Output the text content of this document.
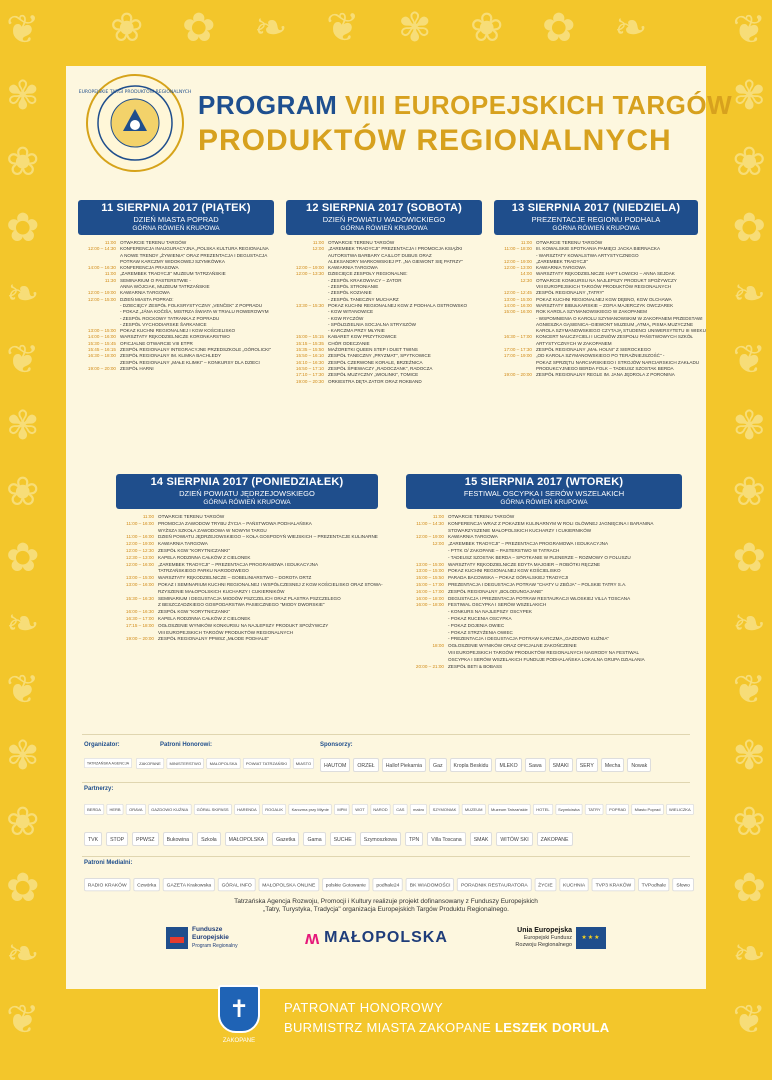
❦	❦
✾	✾
❀	❀
✿	✿
❧	❧
❦	❦
✾	✾
❀	❀
✿	✿
❧	❧
❦	❦
✾	✾
❀	❀
✿	✿
❧	❧
❦	❦
❀ ✿ ❧ ❦ ✾ ❀ ✿ ❧
EUROPEJSKIE TARGI PRODUKTÓW REGIONALNYCH PROGRAM VIII EUROPEJSKICH TARGÓW
PRODUKTÓW REGIONALNYCH
11 SIERPNIA 2017 (PIĄTEK)
DZIEŃ MIASTA POPRAD
GÓRNA RÓWIEŃ KRUPOWA
11:00 OTWARCIE TERENU TARGÓW
12:00 – 14:30 KONFERENCJA INAUGURACYJNA „POLSKA KULTURA REGIONALNA
A NOWE TRENDY „ŻYWIENIA" ORAZ PREZENTACJA I DEGUSTACJA
POTRAW KARCZMY WIDOKOWEJ SZYMKÓWKA
14:00 – 16:30 KONFERENCJA PRASOWA
11:00 „ZAREMBEK TRADYCJI" MUZEUM TATRZAŃSKIE
11:30 SEMINARIUM O PASTERSTWIE -
ANNA WÓJCIAK, MUZEUM TATRZAŃSKIE
12:00 – 19:00 KAWIARNIA TARGOWA
12:00 – 15:00 DZIEŃ MIASTA POPRAD:
- DZIECIĘCY ZESPÓŁ FOLKSRYSTYCZNY „VENČEK" Z POPRADU
- POKAZ „JÁNA KOČIŠA, MISTRZA ŚWIATA W TRIALU ROWEROWYM
- ZESPÓŁ ROCKOWY TATRANKA Z POPRADU
- ZESPÓŁ VYCHODIARSKE ŠARKANICE
13:00 – 15:00 POKAZ KUCHNI REGIONALNEJ I KGW KOŚCIELISKO
14:00 – 16:00 WARSZTATY RĘKODZIELNICZE KORONKARSTWO
15:30 – 15:45 OFICJALNE OTWARCIE VIII ETPR
15:45 – 16:15 ZESPÓŁ REGIONALNY INTEGRACYJNE PRZEDSZKOLE „GÓROLICKI"
16:30 – 18:00 ZESPÓŁ REGIONALNY IM. KLIMKA BACHLEDY
ZESPÓŁ REGIONALNY „MAŁE KLIMKI" – KONKURSY DLA DZIECI
19:00 – 20:00 ZESPÓŁ HARNI
12 SIERPNIA 2017 (SOBOTA)
DZIEŃ POWIATU WADOWICKIEGO
GÓRNA RÓWIEŃ KRUPOWA
11:00 OTWARCIE TERENU TARGÓW
12:00 „ZAREMBEK TRADYCJI" PREZENTACJA I PROMOCJA KSIĄŻKI
AUTORSTWA BARBARY CAILLOT DUBUS ORAZ
ALEKSANDRY MARKOWSKIEJ PT. „NA GIEWONT SIĘ PATRZY"
12:00 – 19:00 KAWIARNIA TARGOWA
12:00 – 13:30 DZIECIĘCE ZESPOŁY REGIONALNE:
- ZESPÓŁ KRAKOWIACY – ZATOR
- ZESPÓŁ STRONIANIE
- ZESPÓŁ KOZIANIE
- ZESPÓŁ TANECZNY MUCHARZ
13:30 – 15:30 POKAZ KUCHNI REGIONALNEJ KGW Z PODHALA OSTROWSKO
- KGW WITANOWICE
- KGW RYCZÓW
- SPÓŁDZIELNIA SOCJALNA STRYSZÓW
- KARCZMA PRZY MŁYNIE
15:00 – 15:15 KABARET KGW PRZYTKOWICE
15:15 – 15:35 CHÓR ODECZANIE
15:35 – 15:50 MAŻORETKI QUEEN STEP I DUET TWINS
15:50 – 16:10 ZESPÓŁ TANECZNY „PRYZMAT", SPYTKOWICE
16:10 – 16:30 ZESPÓŁ CZERWONE KORALE, BRZEŹNICA
16:50 – 17:10 ZESPÓŁ ŚPIEWACZY „RADOCZANK", RADOCZA
17:10 – 17:30 ZESPÓŁ MUZYCZNY „WIOLINKI", TOMICE
19:00 – 20:30 ORKIESTRA DĘTA ZATOR ORAZ ROKBAND
13 SIERPNIA 2017 (NIEDZIELA)
PREZENTACJE REGIONU PODHALA
GÓRNA RÓWIEŃ KRUPOWA
11:00 OTWARCIE TERENU TARGÓW
11:00 – 18:00 III. KOWALSKIE SPOTKANIA PAMIĘCI JACKA BIERNACKA
- WARSZTATY KOWALSTWA ARTYSTYCZNEGO
12:00 – 19:00 „ZAREMBEK TRADYCJI"
12:00 – 13:00 KAWIARNIA TARGOWA
14:00 WARSZTATY RĘKODZIELNICZE HAFT ŁOWICKI – ANNA SEJDAK
12:30 OTWARCIE KONKURSU NA NAJLEPSZY PRODUKT SPOŻYWCZY
VIII EUROPEJSKICH TARGÓW PRODUKTÓW REGIONALNYCH
12:00 – 12:45 ZESPÓŁ REGIONALNY „TATRY"
13:00 – 15:00 POKAZ KUCHNI REGIONALNEJ KGW DĘBNO, KGW OLCHAWA
14:00 – 16:00 WARSZTATY BIBUŁKARSKIE – ZOFIA MAJERCZYK OWCZAREK
15:00 – 16:00 ROK KAROLA SZYMANOWSKIEGO W ZAKOPANEM
- WSPOMNIENIA O KAROLU SZYMANOWSKIM W ZAKOPANEM PRZEDSTAWI
AGNIESZKA GĄSIENICA–GIEWONT MUZEUM „ATMA„ PISMA MUZYCZNE
KAROLA SZYMANOWSKIEGO CZYTAJĄ STUDENCI UNIWERSYTETU III WIEKU
16:30 – 17:00 KONCERT NAUCZYCIELI I UCZNIÓW ZESPOŁU PAŃSTWOWYCH SZKÓŁ
ARTYSTYCZNYCH W ZAKOPANEM
17:00 – 17:30 ZESPÓŁ REGIONALNY „MAŁ HOLNI" Z SIEROCKEGO
17:00 – 19:00 „OD KAROLA SZYMANOWSKIEGO PO TERAŹNIEJSZOŚĆ" -
POKAZ SPRZĘTU NARCIARSKIEGO I STROJÓW NARCIARSKICH ZAKŁADU
PRODUKCYJNEGO BERDA FOLK – TADEUSZ SZOSTAK BERDA
19:00 – 20:00 ZESPÓŁ REGIONALNY REGLE IM. JANA JĘDROLA Z PORONINA
14 SIERPNIA 2017 (PONIEDZIAŁEK)
DZIEŃ POWIATU JĘDRZEJOWSKIEGO
GÓRNA RÓWIEŃ KRUPOWA
11:00 OTWARCIE TERENU TARGÓW
11:00 – 16:00 PROMOCJA ZAWODOW TRYBU ŻYCIA – PAŃSTWOWA PODHALAŃSKA
WYŻSZA SZKOŁA ZAWODOWA W NOWYM TARGU
11:00 – 16:00 DZIEŃ POWIATU JĘDRZEJOWSKIEGO – KOŁA GOSPODYŃ WIEJSKICH – PREZENTACJE KULINARNE
12:00 – 19:00 KAWIARNIA TARGOWA
12:00 – 12:30 ZESPÓŁ KGW "KORYTNICZANKI"
12:30 – 13:00 KAPELA RODZINNA CAŁKÓW Z CIELONEK
12:00 – 16:00 „ZAREMBEK TRADYCJI" – PREZENTACJA PROGRAMOWA I EDUKACYJNA
TATRZAŃSKIEGO PARKU NARODOWEGO
13:00 – 15:00 WARSZTATY RĘKODZIELNICZE – GOBELINIARSTWO – DOROTA ORTZ
13:00 – 16:00 POKAZ I SEMINARIUM KUCHNI REGIONALNEJ I WSPÓŁCZESNEJ Z KGW KOŚCIELISKO ORAZ STOWA-
RZYSZENIE MAŁOPOLSKICH KUCHARZY I CUKIERNIKÓW
15:30 – 16:30 SEMINARIUM I DEGUSTACJA MIODÓW PSZCZELICH ORAZ PLASTRA PSZCZELEGO
Z BESZCZADZKIEGO GOSPODARSTWA PASIECZNEGO "MIODY DWORSKIE"
16:00 – 16:30 ZESPÓŁ KGW "KORYTNICZANKI"
16:30 – 17:00 KAPELA RODZINNA CAŁKÓW Z CIELONEK
17:15 – 18:00 OGŁOSZENIE WYNIKÓW KONKURSU NA NAJLEPSZY PRODUKT SPOŻYWCZY
VIII EUROPEJSKICH TARGÓW PRODUKTÓW REGIONALNYCH
19:00 – 20:00 ZESPÓŁ REGIONALNY PPWSZ „MŁODE PODHALE"
15 SIERPNIA 2017 (WTOREK)
FESTIWAL OSCYPKA I SERÓW WSZELAKICH
GÓRNA RÓWIEŃ KRUPOWA
11:00 OTWARCIE TERENU TARGÓW
11:00 – 14:30 KONFERENCJA WRAZ Z POKAZEM KULINARNYM W ROLI GŁÓWNEJ JAGNIĘCINA I BARANINA
STOWARZYSZENIE MAŁOPOLSKICH KUCHARZY I CUKIERNIKÓW
12:00 – 19:00 KAWIARNIA TARGOWA
12:00 „ZAREMBEK TRADYCJI" – PREZENTACJA PROGRAMOWA I EDUKACYJNA
- PTTK O/ ZAKOPANE – PASTERSTWO W TATRACH
- TADEUSZ SZOSTAK BERDA – SPOTKANIE W PLENERZE – ROZMOWY O FOLUSZU
13:00 – 15:00 WARSZTATY RĘKODZIELNICZE EDYTA MAJGIER – ROBÓTKI RĘCZNE
13:00 – 15:00 POKAZ KUCHNI REGIONALNEJ KGW KOŚCIELISKO
15:00 – 15:50 PARADA BACOWSKA – POKAZ GÓRALSKIEJ TRADYCJI
15:00 – 17:00 PREZENTACJA I DEGUSTACJA POTRAW "CHATY U ZBÓJA" – POLSKIE TATRY S.A.
16:00 – 17:00 ZESPÓŁ REGIONALNY „BOLODUNGAJANE"
16:00 – 18:00 DEGUSTACJA I PREZENTACJA POTRAW RESTAURACJI WŁOSKIEJ VILLA TOSCANA
16:00 – 18:00 FESTIWAL OSCYPKA I SERÓW WSZELAKICH
- KONKURS NA NAJLEPSZY OSCYPEK
- POKAZ RUCENIA OSCYPKA
- POKAZ DOJENIA OWIEC
- POKAZ STRZYŻENIA OWIEC
- PREZENTACJA I DEGUSTACJA POTRAW KARCZMA „GAZDOWO KUŹNIA"
18:00 OGŁOSZENIE WYNIKÓW ORAZ OFICJALNE ZAKOŃCZENIE
VIII EUROPEJSKICH TARGÓW PRODUKTÓW REGIONALNYCH NAGRODY NA FESTIWAL
OSCYPKA I SERÓW WSZELAKICH FUNDUJE PODHALAŃSKA LOKALNA GRUPA DZIAŁANIA
20:00 – 21:00 ZESPÓŁ BETI & BOBASS
Organizator:	Patroni Honorowi:	Sponsorzy:
TATRZAŃSKA AGENCJA	ZAKOPANE	MINISTERSTWO	MAŁOPOLSKA	POWIAT TATRZAŃSKI	MIASTO	HAUTOM	ORZEŁ	Hallof Piekarnia	Gaz	Kropla Beskidu	MLEKO	Sawa	SMAKI	SERY	Mecha	Nowak
Partnerzy:
BERDA	HERB	ORAVA	GAZDOWO KUŹNIA	GÓRAL SKIPASS	HARENDA	ROGALIK	Karczma przy Młynie	MPM	WOT	NAROD	CAS	makro	SZYMONIAK	MUZEUM	Muzeum Tatrzańskie	HOTEL	Szymkówka	TATRY	POPRAD	Miasto Poprad	WIELICZKA
TVK	STOP	PPWSZ	Bukowina	Szkoła	MAŁOPOLSKA	Gazetka	Gama	SUCHE	Szymoszkowa	TPN	Villa Toscana	SMAK	WITÓW SKI	ZAKOPANE
Patroni Medialni:
RADIO KRAKÓW	Czwórka	GAZETA Krakowska	GÓRAL INFO	MAŁOPOLSKA ONLINE	polskie Gotowanie	podhale24	BK WIADOMOŚCI	PORADNIK RESTAURATORA	ŻYCIE	KUCHNIA	TVP3 KRAKÓW	TVPodhale	Słowo
Tatrzańska Agencja Rozwoju, Promocji i Kultury realizuje projekt dofinansowany z Funduszy Europejskich
„Tatry, Turystyka, Tradycja" organizacja Europejskich Targów Produktu Regionalnego.
Fundusze
Europejskie
Program Regionalny	ʍ MAŁOPOLSKA	Unia Europejska
Europejski Fundusz
Rozwoju Regionalnego
★★★
✝
ZAKOPANE
PATRONAT HONOROWY
BURMISTRZ MIASTA ZAKOPANE LESZEK DORULA
